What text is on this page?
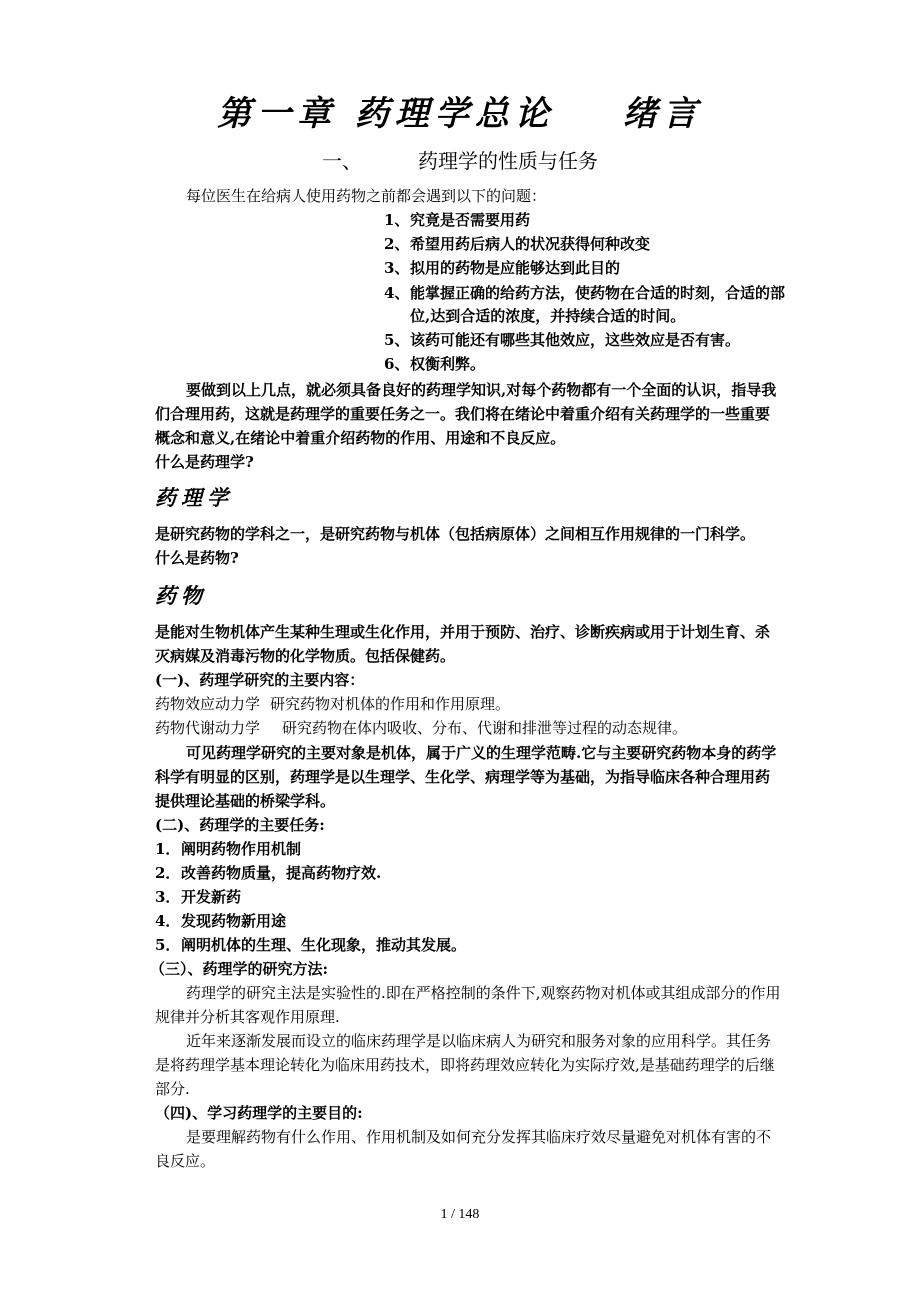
第一章 药理学总论 绪言
一、	药理学的性质与任务
每位医生在给病人使用药物之前都会遇到以下的问题：
1、究竟是否需要用药
2、希望用药后病人的状况获得何种改变
3、拟用的药物是应能够达到此目的
4、能掌握正确的给药方法，使药物在合适的时刻，合适的部
位,达到合适的浓度，并持续合适的时间。
5、该药可能还有哪些其他效应，这些效应是否有害。
6、权衡利弊。
要做到以上几点，就必须具备良好的药理学知识,对每个药物都有一个全面的认识，指导我
们合理用药，这就是药理学的重要任务之一。我们将在绪论中着重介绍有关药理学的一些重要
概念和意义,在绪论中着重介绍药物的作用、用途和不良反应。
什么是药理学?
药理学
是研究药物的学科之一，是研究药物与机体（包括病原体）之间相互作用规律的一门科学。
什么是药物?
药物
是能对生物机体产生某种生理或生化作用，并用于预防、治疗、诊断疾病或用于计划生育、杀
灭病媒及消毒污物的化学物质。包括保健药。
(一)、药理学研究的主要内容：
药物效应动力学 研究药物对机体的作用和作用原理。
药物代谢动力学 研究药物在体内吸收、分布、代谢和排泄等过程的动态规律。
可见药理学研究的主要对象是机体，属于广义的生理学范畴.它与主要研究药物本身的药学
科学有明显的区别，药理学是以生理学、生化学、病理学等为基础，为指导临床各种合理用药
提供理论基础的桥梁学科。
(二)、药理学的主要任务:
1．阐明药物作用机制
2．改善药物质量，提高药物疗效.
3．开发新药
4．发现药物新用途
5．阐明机体的生理、生化现象，推动其发展。
（三）、药理学的研究方法:
药理学的研究主法是实验性的.即在严格控制的条件下,观察药物对机体或其组成部分的作用
规律并分析其客观作用原理.
近年来逐渐发展而设立的临床药理学是以临床病人为研究和服务对象的应用科学。其任务
是将药理学基本理论转化为临床用药技术，即将药理效应转化为实际疗效,是基础药理学的后继
部分.
（四)、学习药理学的主要目的:
是要理解药物有什么作用、作用机制及如何充分发挥其临床疗效尽量避免对机体有害的不
良反应。
1 / 148
